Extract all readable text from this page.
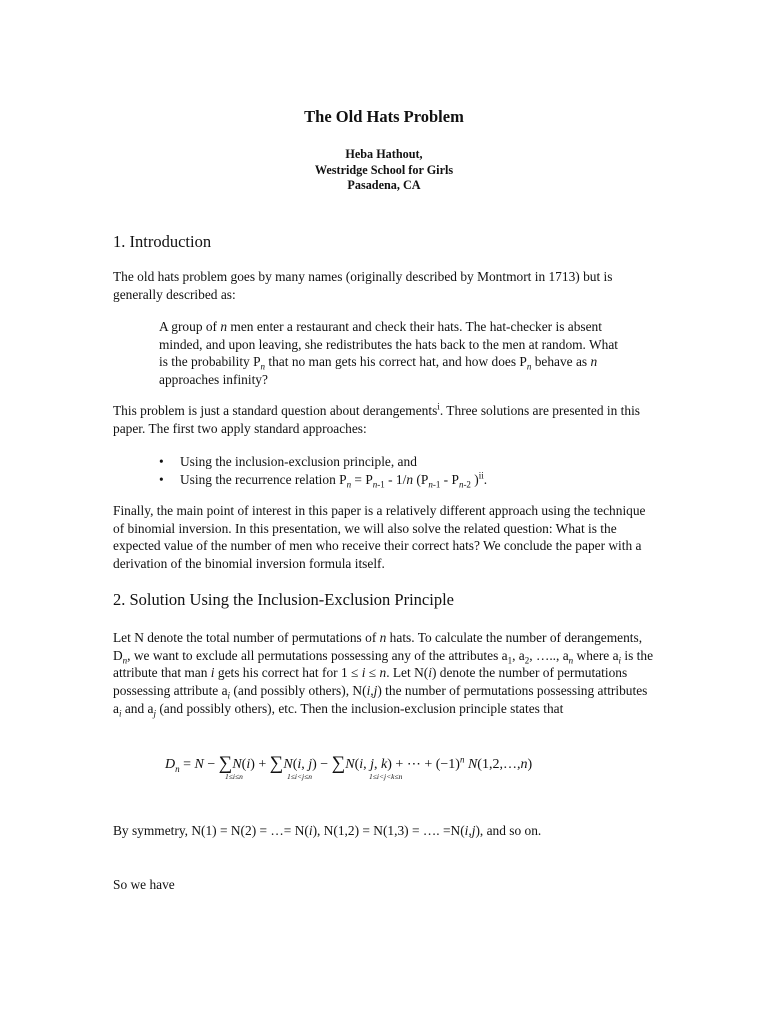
The Old Hats Problem
Heba Hathout,
Westridge School for Girls
Pasadena, CA
1. Introduction
The old hats problem goes by many names (originally described by Montmort in 1713) but is generally described as:
A group of n men enter a restaurant and check their hats. The hat-checker is absent minded, and upon leaving, she redistributes the hats back to the men at random. What is the probability $P_n$ that no man gets his correct hat, and how does $P_n$ behave as n approaches infinity?
This problem is just a standard question about derangements$^i$. Three solutions are presented in this paper. The first two apply standard approaches:
• Using the inclusion-exclusion principle, and
• Using the recurrence relation $P_n = P_{n-1} - 1/n$ ($P_{n-1} - P_{n-2}$ )$^{ii}$.
Finally, the main point of interest in this paper is a relatively different approach using the technique of binomial inversion. In this presentation, we will also solve the related question: What is the expected value of the number of men who receive their correct hats? We conclude the paper with a derivation of the binomial inversion formula itself.
2. Solution Using the Inclusion-Exclusion Principle
Let N denote the total number of permutations of n hats. To calculate the number of derangements, $D_n$, we want to exclude all permutations possessing any of the attributes $a_1$, $a_2$, ….., $a_n$ where $a_i$ is the attribute that man i gets his correct hat for 1 ≤ i ≤ n. Let N(i) denote the number of permutations possessing attribute $a_i$ (and possibly others), N(i,j) the number of permutations possessing attributes $a_i$ and $a_j$ (and possibly others), etc. Then the inclusion-exclusion principle states that
$D_n = N - \sum N(i) + \sum N(i$, j) − ∑N(i, j, k) + ⋯ + $(-1)^n$ N(1,2,…,n)
1≤i≤n	1≤i<j≤n	1≤i<j<k≤n
By symmetry, N(1) = N(2) = …= N(i), N(1,2) = N(1,3) = …. =N(i,j), and so on.
So we have
